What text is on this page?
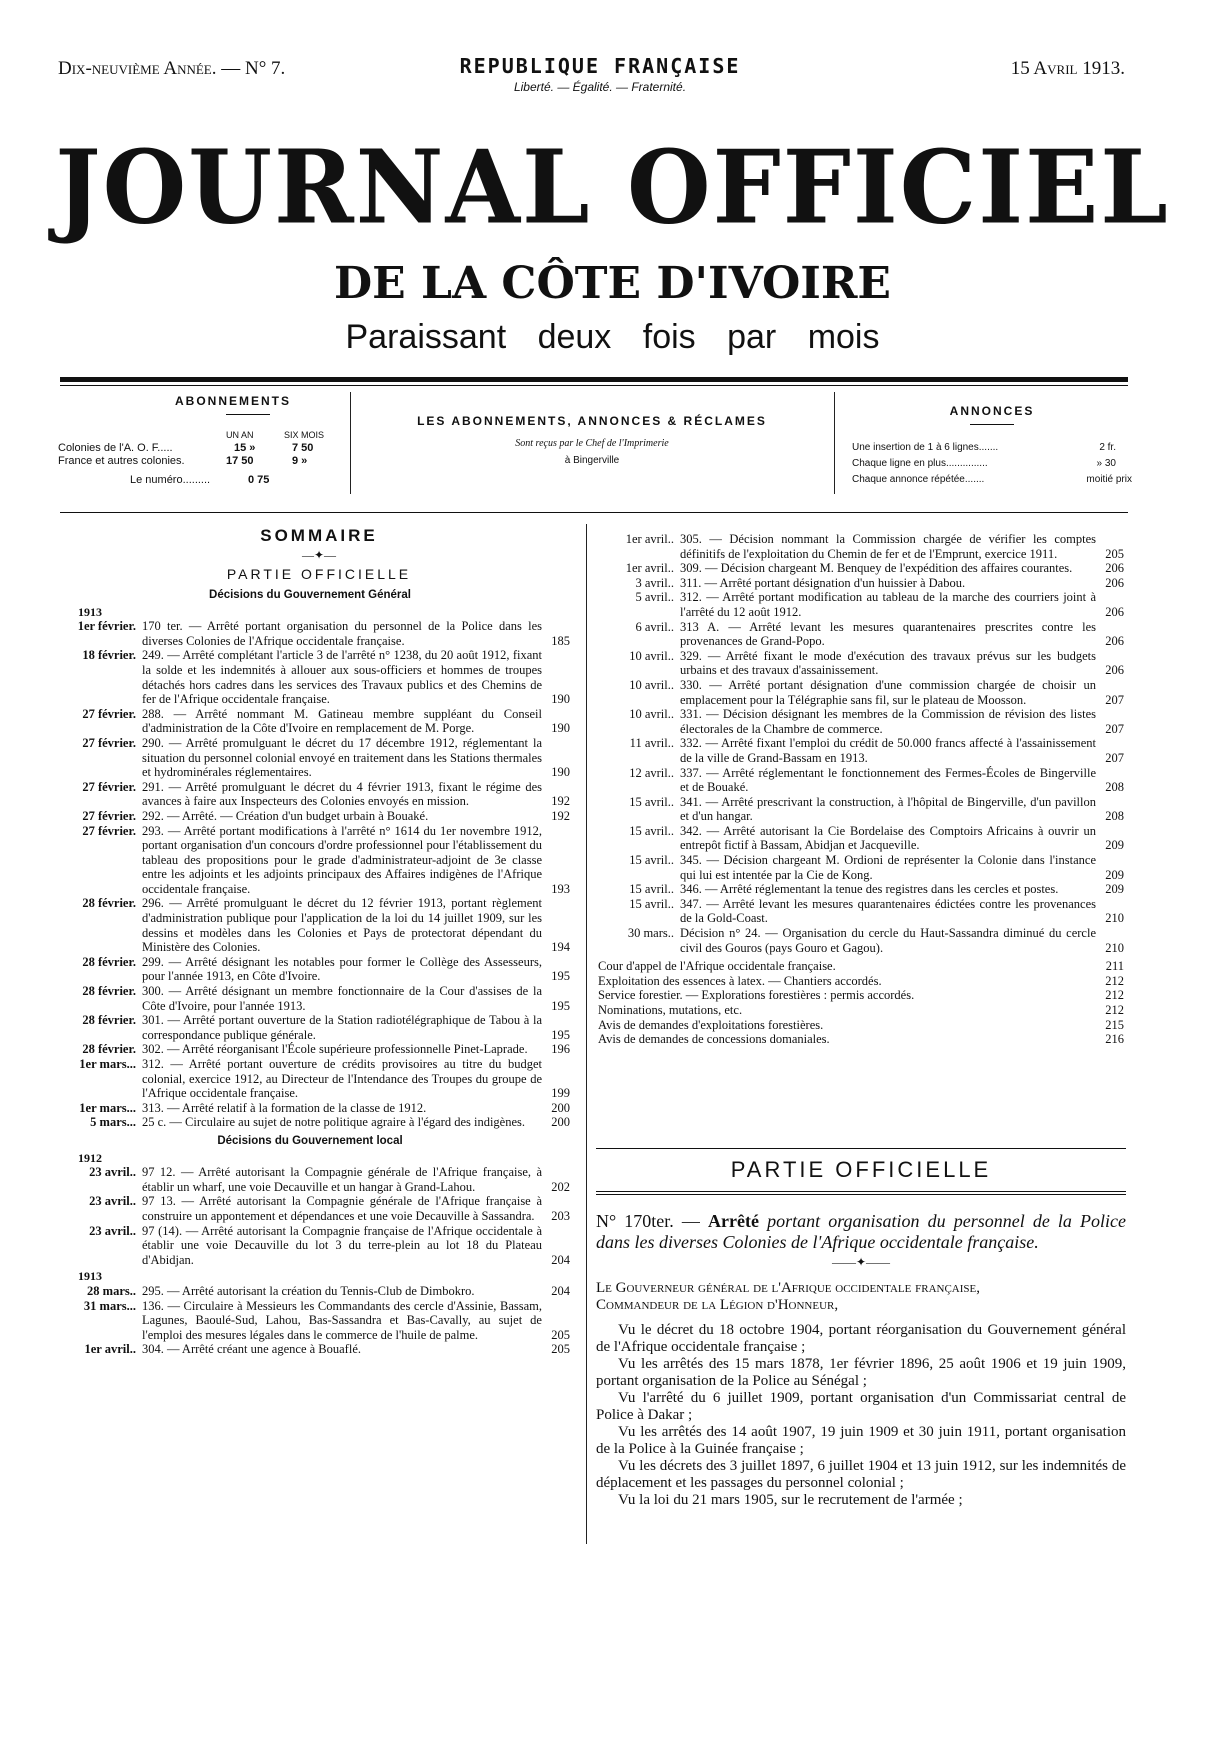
Dix-neuvième Année. — N° 7.	REPUBLIQUE FRANÇAISE
Liberté. — Égalité. — Fraternité.
15 Avril 1913.
JOURNAL OFFICIEL
DE LA CÔTE D'IVOIRE
Paraissant deux fois par mois
ABONNEMENTS
UN AN	SIX MOIS
Colonies de l'A. O. F.....	15 »	7 50
France et autres colonies.	17 50	9 »
Le numéro.........	0 75
LES ABONNEMENTS, ANNONCES & RÉCLAMES
Sont reçus par le Chef de l'Imprimerie
à Bingerville
ANNONCES
Une insertion de 1 à 6 lignes.......	2 fr.
Chaque ligne en plus...............	» 30
Chaque annonce répétée.......	moitié prix
SOMMAIRE
—✦—
PARTIE OFFICIELLE
Décisions du Gouvernement Général
1913
1er février. 170 ter. — Arrêté portant organisation du personnel de la Police dans les diverses Colonies de l'Afrique occidentale française.	185
18 février. 249. — Arrêté complétant l'article 3 de l'arrêté n° 1238, du 20 août 1912, fixant la solde et les indemnités à allouer aux sous-officiers et hommes de troupes détachés hors cadres dans les services des Travaux publics et des Chemins de fer de l'Afrique occidentale française.	190
27 février. 288. — Arrêté nommant M. Gatineau membre suppléant du Conseil d'administration de la Côte d'Ivoire en remplacement de M. Porge.	190
27 février. 290. — Arrêté promulguant le décret du 17 décembre 1912, réglementant la situation du personnel colonial envoyé en traitement dans les Stations thermales et hydrominérales réglementaires.	190
27 février. 291. — Arrêté promulguant le décret du 4 février 1913, fixant le régime des avances à faire aux Inspecteurs des Colonies envoyés en mission.	192
27 février. 292. — Arrêté. — Création d'un budget urbain à Bouaké.	192
27 février. 293. — Arrêté portant modifications à l'arrêté n° 1614 du 1er novembre 1912, portant organisation d'un concours d'ordre professionnel pour l'établissement du tableau des propositions pour le grade d'administrateur-adjoint de 3e classe entre les adjoints et les adjoints principaux des Affaires indigènes de l'Afrique occidentale française.	193
28 février. 296. — Arrêté promulguant le décret du 12 février 1913, portant règlement d'administration publique pour l'application de la loi du 14 juillet 1909, sur les dessins et modèles dans les Colonies et Pays de protectorat dépendant du Ministère des Colonies.	194
28 février. 299. — Arrêté désignant les notables pour former le Collège des Assesseurs, pour l'année 1913, en Côte d'Ivoire.	195
28 février. 300. — Arrêté désignant un membre fonctionnaire de la Cour d'assises de la Côte d'Ivoire, pour l'année 1913.	195
28 février. 301. — Arrêté portant ouverture de la Station radiotélégraphique de Tabou à la correspondance publique générale.	195
28 février. 302. — Arrêté réorganisant l'École supérieure professionnelle Pinet-Laprade.	196
1er mars... 312. — Arrêté portant ouverture de crédits provisoires au titre du budget colonial, exercice 1912, au Directeur de l'Intendance des Troupes du groupe de l'Afrique occidentale française.	199
1er mars... 313. — Arrêté relatif à la formation de la classe de 1912.	200
5 mars... 25 c. — Circulaire au sujet de notre politique agraire à l'égard des indigènes.	200
Décisions du Gouvernement local
1912
23 avril.. 97 12. — Arrêté autorisant la Compagnie générale de l'Afrique française, à établir un wharf, une voie Decauville et un hangar à Grand-Lahou.	202
23 avril.. 97 13. — Arrêté autorisant la Compagnie générale de l'Afrique française à construire un appontement et dépendances et une voie Decauville à Sassandra.	203
23 avril.. 97 (14). — Arrêté autorisant la Compagnie française de l'Afrique occidentale à établir une voie Decauville du lot 3 du terre-plein au lot 18 du Plateau d'Abidjan.	204
1913
28 mars.. 295. — Arrêté autorisant la création du Tennis-Club de Dimbokro.	204
31 mars... 136. — Circulaire à Messieurs les Commandants des cercle d'Assinie, Bassam, Lagunes, Baoulé-Sud, Lahou, Bas-Sassandra et Bas-Cavally, au sujet de l'emploi des mesures légales dans le commerce de l'huile de palme.	205
1er avril.. 304. — Arrêté créant une agence à Bouaflé.	205
1er avril.. 305. — Décision nommant la Commission chargée de vérifier les comptes définitifs de l'exploitation du Chemin de fer et de l'Emprunt, exercice 1911.	205
1er avril.. 309. — Décision chargeant M. Benquey de l'expédition des affaires courantes.	206
3 avril.. 311. — Arrêté portant désignation d'un huissier à Dabou.	206
5 avril.. 312. — Arrêté portant modification au tableau de la marche des courriers joint à l'arrêté du 12 août 1912.	206
6 avril.. 313 A. — Arrêté levant les mesures quarantenaires prescrites contre les provenances de Grand-Popo.	206
10 avril.. 329. — Arrêté fixant le mode d'exécution des travaux prévus sur les budgets urbains et des travaux d'assainissement.	206
10 avril.. 330. — Arrêté portant désignation d'une commission chargée de choisir un emplacement pour la Télégraphie sans fil, sur le plateau de Moosson.	207
10 avril.. 331. — Décision désignant les membres de la Commission de révision des listes électorales de la Chambre de commerce.	207
11 avril.. 332. — Arrêté fixant l'emploi du crédit de 50.000 francs affecté à l'assainissement de la ville de Grand-Bassam en 1913.	207
12 avril.. 337. — Arrêté réglementant le fonctionnement des Fermes-Écoles de Bingerville et de Bouaké.	208
15 avril.. 341. — Arrêté prescrivant la construction, à l'hôpital de Bingerville, d'un pavillon et d'un hangar.	208
15 avril.. 342. — Arrêté autorisant la Cie Bordelaise des Comptoirs Africains à ouvrir un entrepôt fictif à Bassam, Abidjan et Jacqueville.	209
15 avril.. 345. — Décision chargeant M. Ordioni de représenter la Colonie dans l'instance qui lui est intentée par la Cie de Kong.	209
15 avril.. 346. — Arrêté réglementant la tenue des registres dans les cercles et postes.	209
15 avril.. 347. — Arrêté levant les mesures quarantenaires édictées contre les provenances de la Gold-Coast.	210
30 mars.. Décision n° 24. — Organisation du cercle du Haut-Sassandra diminué du cercle civil des Gouros (pays Gouro et Gagou).	210
Cour d'appel de l'Afrique occidentale française.	211
Exploitation des essences à latex. — Chantiers accordés.	212
Service forestier. — Explorations forestières : permis accordés.	212
Nominations, mutations, etc.	212
Avis de demandes d'exploitations forestières.	215
Avis de demandes de concessions domaniales.	216
PARTIE OFFICIELLE
N° 170ter. — Arrêté portant organisation du personnel de la Police dans les diverses Colonies de l'Afrique occidentale française.
——✦——
Le Gouverneur général de l'Afrique occidentale française,
Commandeur de la Légion d'Honneur,

Vu le décret du 18 octobre 1904, portant réorganisation du Gouvernement général de l'Afrique occidentale française ;

Vu les arrêtés des 15 mars 1878, 1er février 1896, 25 août 1906 et 19 juin 1909, portant organisation de la Police au Sénégal ;

Vu l'arrêté du 6 juillet 1909, portant organisation d'un Commissariat central de Police à Dakar ;

Vu les arrêtés des 14 août 1907, 19 juin 1909 et 30 juin 1911, portant organisation de la Police à la Guinée française ;

Vu les décrets des 3 juillet 1897, 6 juillet 1904 et 13 juin 1912, sur les indemnités de déplacement et les passages du personnel colonial ;

Vu la loi du 21 mars 1905, sur le recrutement de l'armée ;
